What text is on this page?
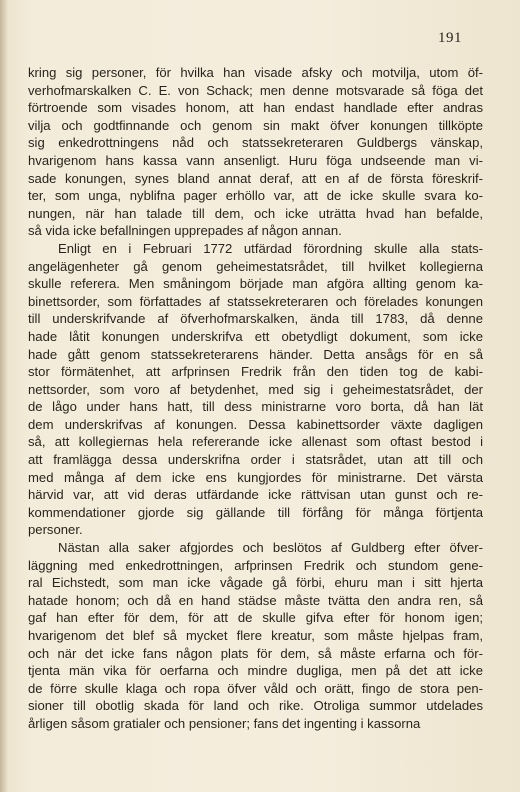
191
kring sig personer, för hvilka han visade afsky och motvilja, utom öf-
verhofmarskalken C. E. von Schack; men denne motsvarade så föga det
förtroende som visades honom, att han endast handlade efter andras
vilja och godtfinnande och genom sin makt öfver konungen tillköpte
sig enkedrottningens nåd och statssekreteraren Guldbergs vänskap,
hvarigenom hans kassa vann ansenligt. Huru föga undseende man vi-
sade konungen, synes bland annat deraf, att en af de första föreskrif-
ter, som unga, nyblifna pager erhöllo var, att de icke skulle svara ko-
nungen, när han talade till dem, och icke uträtta hvad han befalde,
så vida icke befallningen upprepades af någon annan.
Enligt en i Februari 1772 utfärdad förordning skulle alla stats-
angelägenheter gå genom geheimestatsrådet, till hvilket kollegierna
skulle referera. Men småningom började man afgöra allting genom ka-
binettsorder, som författades af statssekreteraren och förelades konungen
till underskrifvande af öfverhofmarskalken, ända till 1783, då denne
hade låtit konungen underskrifva ett obetydligt dokument, som icke
hade gått genom statssekreterarens händer. Detta ansågs för en så
stor förmätenhet, att arfprinsen Fredrik från den tiden tog de kabi-
nettsorder, som voro af betydenhet, med sig i geheimestatsrådet, der
de lågo under hans hatt, till dess ministrarne voro borta, då han lät
dem underskrifvas af konungen. Dessa kabinettsorder växte dagligen
så, att kollegiernas hela refererande icke allenast som oftast bestod i
att framlägga dessa underskrifna order i statsrådet, utan att till och
med många af dem icke ens kungjordes för ministrarne. Det värsta
härvid var, att vid deras utfärdande icke rättvisan utan gunst och re-
kommendationer gjorde sig gällande till förfång för många förtjenta
personer.
Nästan alla saker afgjordes och beslötos af Guldberg efter öfver-
läggning med enkedrottningen, arfprinsen Fredrik och stundom gene-
ral Eichstedt, som man icke vågade gå förbi, ehuru man i sitt hjerta
hatade honom; och då en hand städse måste tvätta den andra ren, så
gaf han efter för dem, för att de skulle gifva efter för honom igen;
hvarigenom det blef så mycket flere kreatur, som måste hjelpas fram,
och när det icke fans någon plats för dem, så måste erfarna och för-
tjenta män vika för oerfarna och mindre dugliga, men på det att icke
de förre skulle klaga och ropa öfver våld och orätt, fingo de stora pen-
sioner till obotlig skada för land och rike. Otroliga summor utdelades
årligen såsom gratialer och pensioner; fans det ingenting i kassorna
